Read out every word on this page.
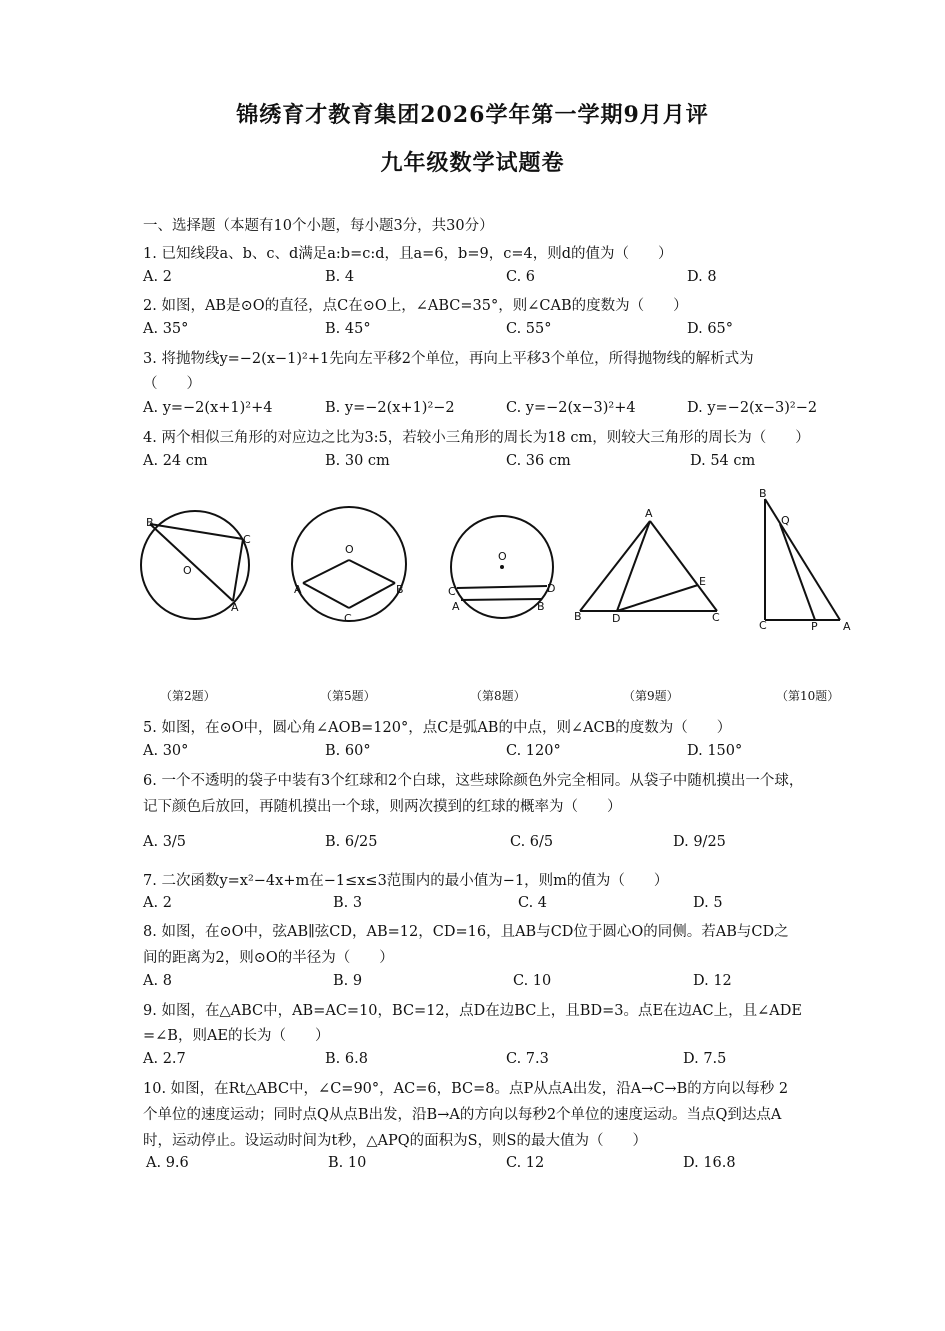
锦绣育才教育集团2026学年第一学期9月月评
九年级数学试题卷
一、选择题（本题有10个小题，每小题3分，共30分）
1. 已知线段a、b、c、d满足a:b=c:d，且a=6，b=9，c=4，则d的值为（　　）
A. 2	B. 4	C. 6	D. 8
2. 如图，AB是⊙O的直径，点C在⊙O上，∠ABC=35°，则∠CAB的度数为（　　）
A. 35°	B. 45°	C. 55°	D. 65°
3. 将抛物线y=−2(x−1)²+1先向左平移2个单位，再向上平移3个单位，所得抛物线的解析式为
（　　）
A. y=−2(x+1)²+4	B. y=−2(x+1)²−2	C. y=−2(x−3)²+4	D. y=−2(x−3)²−2
4. 两个相似三角形的对应边之比为3:5，若较小三角形的周长为18 cm，则较大三角形的周长为（　　）
A. 24 cm	B. 30 cm	C. 36 cm	D. 54 cm
B
C
O
A
O
A	B
C
O
C	D
A	B
A
B	D
E
C
B
Q
C	P A
（第2题）	（第5题）	（第8题）	（第9题）	（第10题）
5. 如图，在⊙O中，圆心角∠AOB=120°，点C是弧AB的中点，则∠ACB的度数为（　　）
A. 30°	B. 60°	C. 120°	D. 150°
6. 一个不透明的袋子中装有3个红球和2个白球，这些球除颜色外完全相同。从袋子中随机摸出一个球，
记下颜色后放回，再随机摸出一个球，则两次摸到的红球的概率为（　　）
A. 3/5	B. 6/25	C. 6/5	D. 9/25
7. 二次函数y=x²−4x+m在−1≤x≤3范围内的最小值为−1，则m的值为（　　）
A. 2	B. 3	C. 4	D. 5
8. 如图，在⊙O中，弦AB∥弦CD，AB=12，CD=16，且AB与CD位于圆心O的同侧。若AB与CD之
间的距离为2，则⊙O的半径为（　　）
A. 8	B. 9	C. 10	D. 12
9. 如图，在△ABC中，AB=AC=10，BC=12，点D在边BC上，且BD=3。点E在边AC上，且∠ADE
=∠B，则AE的长为（　　）
A. 2.7	B. 6.8	C. 7.3	D. 7.5
10. 如图，在Rt△ABC中，∠C=90°，AC=6，BC=8。点P从点A出发，沿A→C→B的方向以每秒 2
个单位的速度运动；同时点Q从点B出发，沿B→A的方向以每秒2个单位的速度运动。当点Q到达点A
时，运动停止。设运动时间为t秒，△APQ的面积为S，则S的最大值为（　　）
A. 9.6	B. 10	C. 12	D. 16.8
